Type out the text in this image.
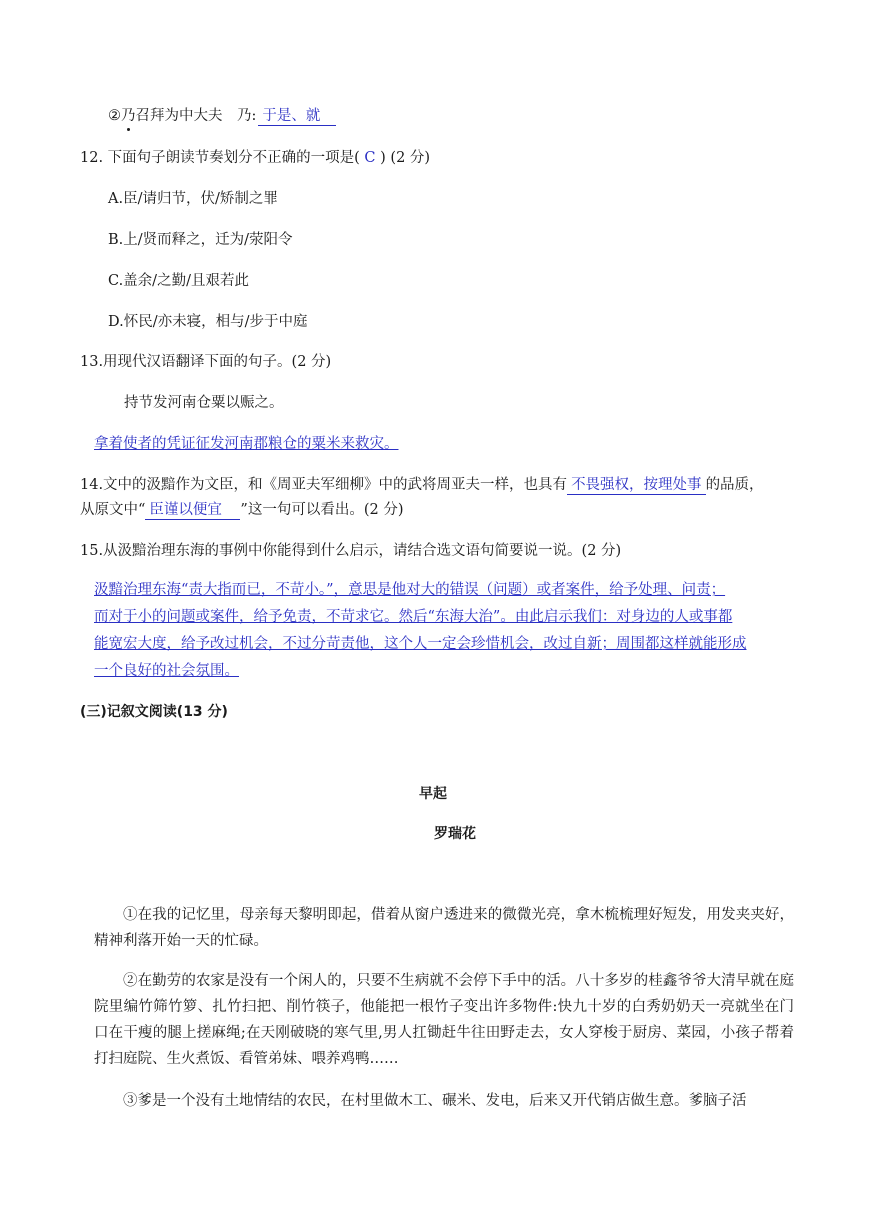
②乃召拜为中大夫　乃:于是、就
12. 下面句子朗读节奏划分不正确的一项是( C ) (2 分)
A.臣/请归节，伏/矫制之罪
B.上/贤而释之，迁为/荥阳令
C.盖余/之勤/且艰若此
D.怀民/亦未寝，相与/步于中庭
13.用现代汉语翻译下面的句子。(2 分)
持节发河南仓粟以赈之。
拿着使者的凭证征发河南郡粮仓的粟米来救灾。
14.文中的汲黯作为文臣，和《周亚夫军细柳》中的武将周亚夫一样，也具有不畏强权，按理处事的品质，
从原文中“臣谨以便宜　”这一句可以看出。(2 分)
15.从汲黯治理东海的事例中你能得到什么启示，请结合选文语句简要说一说。(2 分)
汲黯治理东海“责大指而已，不苛小。”，意思是他对大的错误（问题）或者案件，给予处理、问责；
而对于小的问题或案件，给予免责，不苛求它。然后“东海大治”。由此启示我们：对身边的人或事都
能宽宏大度，给予改过机会，不过分苛责他，这个人一定会珍惜机会，改过自新；周围都这样就能形成
一个良好的社会氛围。
(三)记叙文阅读(13 分)
早起
罗瑞花
①在我的记忆里，母亲每天黎明即起，借着从窗户透进来的微微光亮，拿木梳梳理好短发，用发夹夹好，精神利落开始一天的忙碌。
②在勤劳的农家是没有一个闲人的，只要不生病就不会停下手中的活。八十多岁的桂鑫爷爷大清早就在庭院里编竹筛竹箩、扎竹扫把、削竹筷子，他能把一根竹子变出许多物件:快九十岁的白秀奶奶天一亮就坐在门口在干瘦的腿上搓麻绳;在天刚破晓的寒气里,男人扛锄赶牛往田野走去，女人穿梭于厨房、菜园，小孩子帮着打扫庭院、生火煮饭、看管弟妹、喂养鸡鸭……
③爹是一个没有土地情结的农民，在村里做木工、碾米、发电，后来又开代销店做生意。爹脑子活
